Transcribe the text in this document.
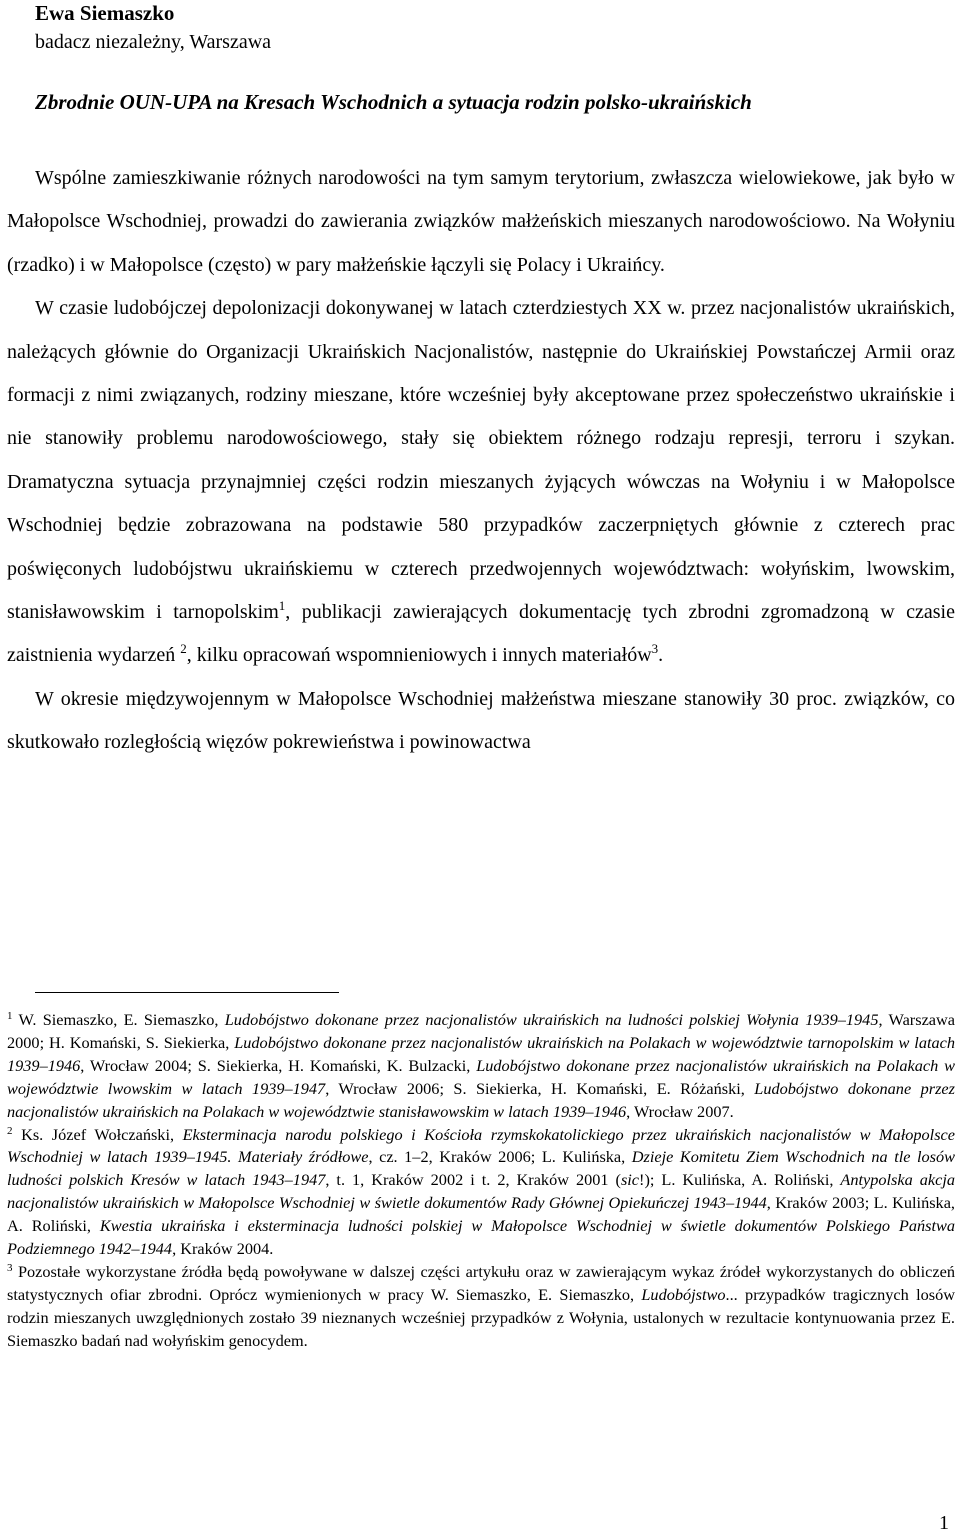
Ewa Siemaszko
badacz niezależny, Warszawa
Zbrodnie OUN-UPA na Kresach Wschodnich a sytuacja rodzin polsko-ukraińskich

Wspólne zamieszkiwanie różnych narodowości na tym samym terytorium, zwłaszcza wielowiekowe, jak było w Małopolsce Wschodniej, prowadzi do zawierania związków małżeńskich mieszanych narodowościowo. Na Wołyniu (rzadko) i w Małopolsce (często) w pary małżeńskie łączyli się Polacy i Ukraińcy.

W czasie ludobójczej depolonizacji dokonywanej w latach czterdziestych XX w. przez nacjonalistów ukraińskich, należących głównie do Organizacji Ukraińskich Nacjonalistów, następnie do Ukraińskiej Powstańczej Armii oraz formacji z nimi związanych, rodziny mieszane, które wcześniej były akceptowane przez społeczeństwo ukraińskie i nie stanowiły problemu narodowościowego, stały się obiektem różnego rodzaju represji, terroru i szykan. Dramatyczna sytuacja przynajmniej części rodzin mieszanych żyjących wówczas na Wołyniu i w Małopolsce Wschodniej będzie zobrazowana na podstawie 580 przypadków zaczerpniętych głównie z czterech prac poświęconych ludobójstwu ukraińskiemu w czterech przedwojennych województwach: wołyńskim, lwowskim, stanisławowskim i tarnopolskim$^1$, publikacji zawierających dokumentację tych zbrodni zgromadzoną w czasie zaistnienia wydarzeń $^2$, kilku opracowań wspomnieniowych i innych materiałów$^3$.

W okresie międzywojennym w Małopolsce Wschodniej małżeństwa mieszane stanowiły 30 proc. związków, co skutkowało rozległością więzów pokrewieństwa i powinowactwa

$^1$ W. Siemaszko, E. Siemaszko, Ludobójstwo dokonane przez nacjonalistów ukraińskich na ludności polskiej Wołynia 1939–1945, Warszawa 2000; H. Komański, S. Siekierka, Ludobójstwo dokonane przez nacjonalistów ukraińskich na Polakach w województwie tarnopolskim w latach 1939–1946, Wrocław 2004; S. Siekierka, H. Komański, K. Bulzacki, Ludobójstwo dokonane przez nacjonalistów ukraińskich na Polakach w województwie lwowskim w latach 1939–1947, Wrocław 2006; S. Siekierka, H. Komański, E. Różański, Ludobójstwo dokonane przez nacjonalistów ukraińskich na Polakach w województwie stanisławowskim w latach 1939–1946, Wrocław 2007.

$^2$ Ks. Józef Wołczański, Eksterminacja narodu polskiego i Kościoła rzymskokatolickiego przez ukraińskich nacjonalistów w Małopolsce Wschodniej w latach 1939–1945. Materiały źródłowe, cz. 1–2, Kraków 2006; L. Kulińska, Dzieje Komitetu Ziem Wschodnich na tle losów ludności polskich Kresów w latach 1943–1947, t. 1, Kraków 2002 i t. 2, Kraków 2001 (sic!); L. Kulińska, A. Roliński, Antypolska akcja nacjonalistów ukraińskich w Małopolsce Wschodniej w świetle dokumentów Rady Głównej Opiekuńczej 1943–1944, Kraków 2003; L. Kulińska, A. Roliński, Kwestia ukraińska i eksterminacja ludności polskiej w Małopolsce Wschodniej w świetle dokumentów Polskiego Państwa Podziemnego 1942–1944, Kraków 2004.

$^3$ Pozostałe wykorzystane źródła będą powoływane w dalszej części artykułu oraz w zawierającym wykaz źródeł wykorzystanych do obliczeń statystycznych ofiar zbrodni. Oprócz wymienionych w pracy W. Siemaszko, E. Siemaszko, Ludobójstwo... przypadków tragicznych losów rodzin mieszanych uwzględnionych zostało 39 nieznanych wcześniej przypadków z Wołynia, ustalonych w rezultacie kontynuowania przez E. Siemaszko badań nad wołyńskim genocydem.

1
